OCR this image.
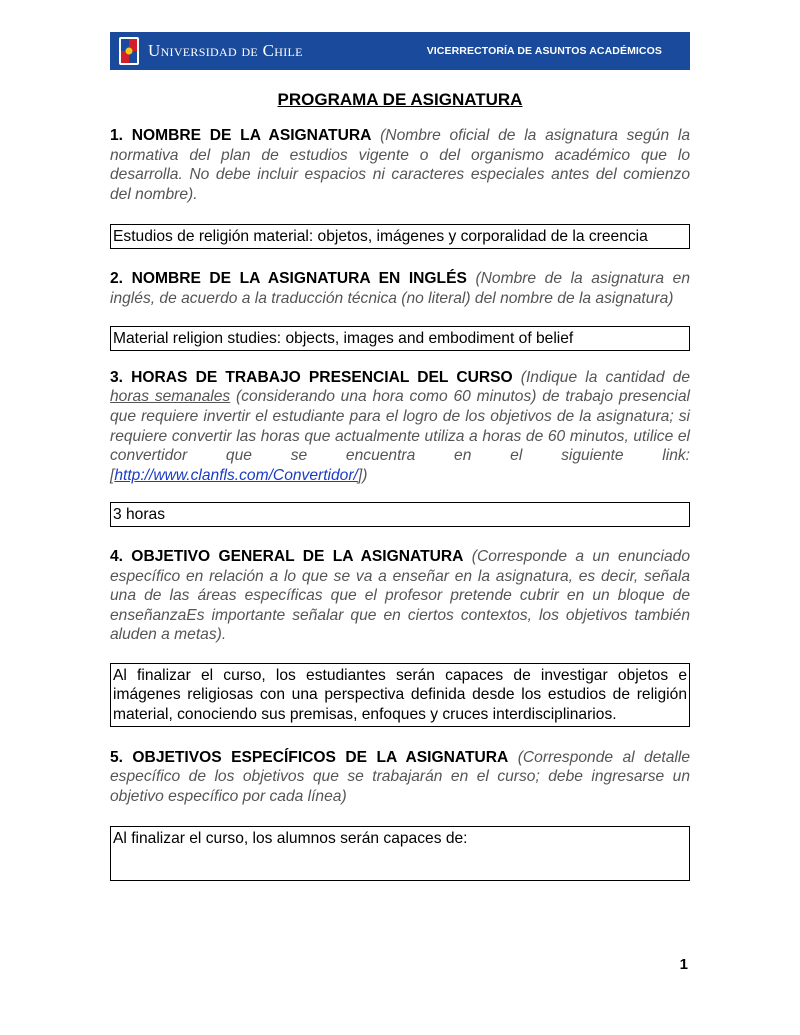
Universidad de Chile	VICERRECTORÍA DE ASUNTOS ACADÉMICOS

PROGRAMA DE ASIGNATURA

1. NOMBRE DE LA ASIGNATURA (Nombre oficial de la asignatura según la normativa del plan de estudios vigente o del organismo académico que lo desarrolla. No debe incluir espacios ni caracteres especiales antes del comienzo del nombre).

Estudios de religión material: objetos, imágenes y corporalidad de la creencia

2. NOMBRE DE LA ASIGNATURA EN INGLÉS (Nombre de la asignatura en inglés, de acuerdo a la traducción técnica (no literal) del nombre de la asignatura)

Material religion studies: objects, images and embodiment of belief

3. HORAS DE TRABAJO PRESENCIAL DEL CURSO (Indique la cantidad de horas semanales (considerando una hora como 60 minutos) de trabajo presencial que requiere invertir el estudiante para el logro de los objetivos de la asignatura; si requiere convertir las horas que actualmente utiliza a horas de 60 minutos, utilice el convertidor que se encuentra en el siguiente link: [http://www.clanfls.com/Convertidor/])

3 horas

4. OBJETIVO GENERAL DE LA ASIGNATURA (Corresponde a un enunciado específico en relación a lo que se va a enseñar en la asignatura, es decir, señala una de las áreas específicas que el profesor pretende cubrir en un bloque de enseñanzaEs importante señalar que en ciertos contextos, los objetivos también aluden a metas).

Al finalizar el curso, los estudiantes serán capaces de investigar objetos e imágenes religiosas con una perspectiva definida desde los estudios de religión material, conociendo sus premisas, enfoques y cruces interdisciplinarios.

5. OBJETIVOS ESPECÍFICOS DE LA ASIGNATURA (Corresponde al detalle específico de los objetivos que se trabajarán en el curso; debe ingresarse un objetivo específico por cada línea)

Al finalizar el curso, los alumnos serán capaces de:
1
